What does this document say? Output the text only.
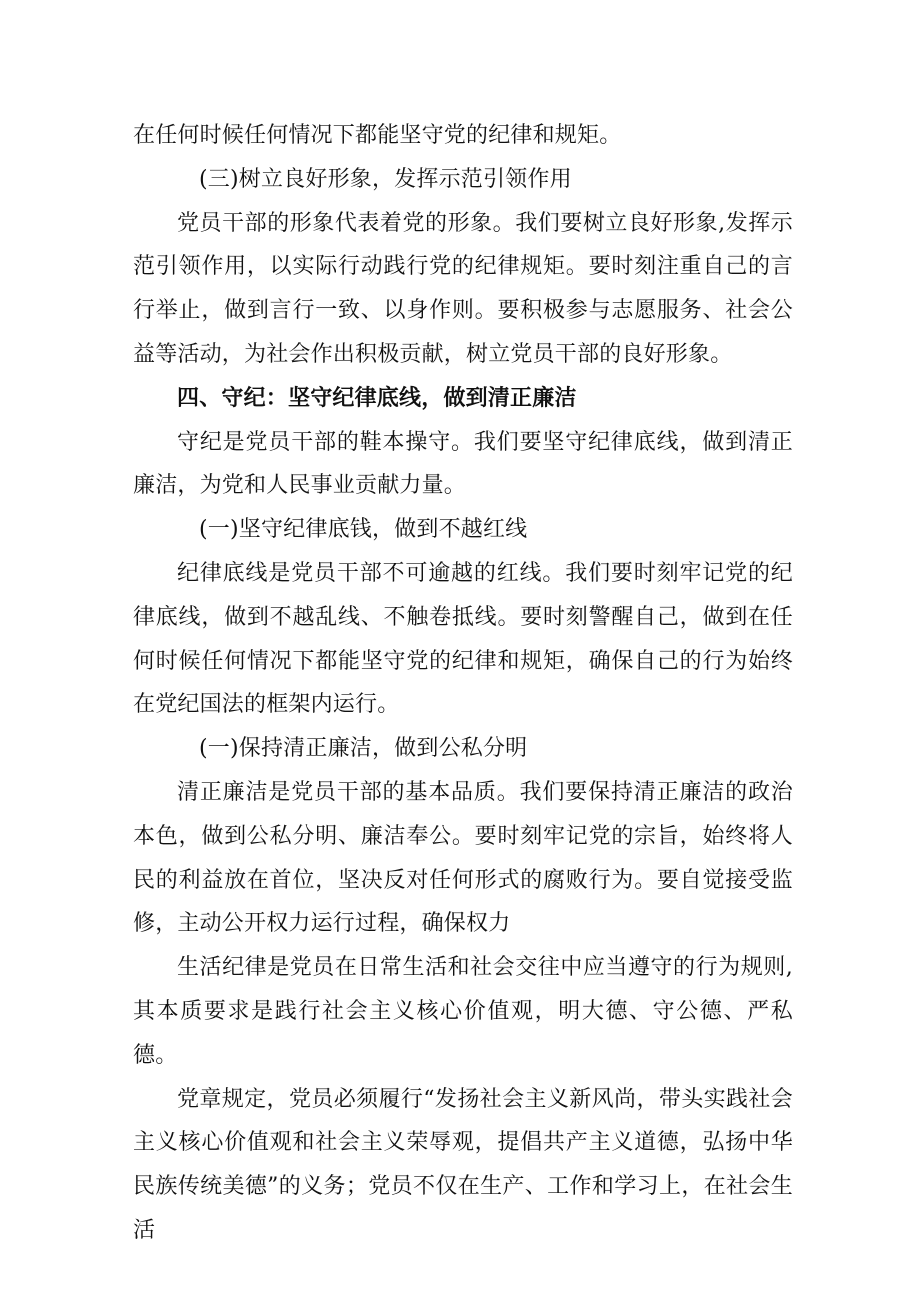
在任何时候任何情况下都能坚守党的纪律和规矩。

(三)树立良好形象，发挥示范引领作用

党员干部的形象代表着党的形象。我们要树立良好形象,发挥示范引领作用，以实际行动践行党的纪律规矩。要时刻注重自己的言行举止，做到言行一致、以身作则。要积极参与志愿服务、社会公益等活动，为社会作出积极贡献，树立党员干部的良好形象。

四、守纪：坚守纪律底线，做到清正廉洁

守纪是党员干部的鞋本操守。我们要坚守纪律底线，做到清正廉洁，为党和人民事业贡献力量。

(一)坚守纪律底钱，做到不越红线

纪律底线是党员干部不可逾越的红线。我们要时刻牢记党的纪律底线，做到不越乱线、不触卷抵线。要时刻警醒自己，做到在任何时候任何情况下都能坚守党的纪律和规矩，确保自己的行为始终在党纪国法的框架内运行。

(一)保持清正廉洁，做到公私分明

清正廉洁是党员干部的基本品质。我们要保持清正廉洁的政治本色，做到公私分明、廉洁奉公。要时刻牢记党的宗旨，始终将人民的利益放在首位，坚决反对任何形式的腐败行为。要自觉接受监修，主动公开权力运行过程，确保权力

生活纪律是党员在日常生活和社会交往中应当遵守的行为规则,其本质要求是践行社会主义核心价值观，明大德、守公德、严私德。

党章规定，党员必须履行“发扬社会主义新风尚，带头实践社会主义核心价值观和社会主义荣辱观，提倡共产主义道德，弘扬中华民族传统美德”的义务；党员不仅在生产、工作和学习上，在社会生活
